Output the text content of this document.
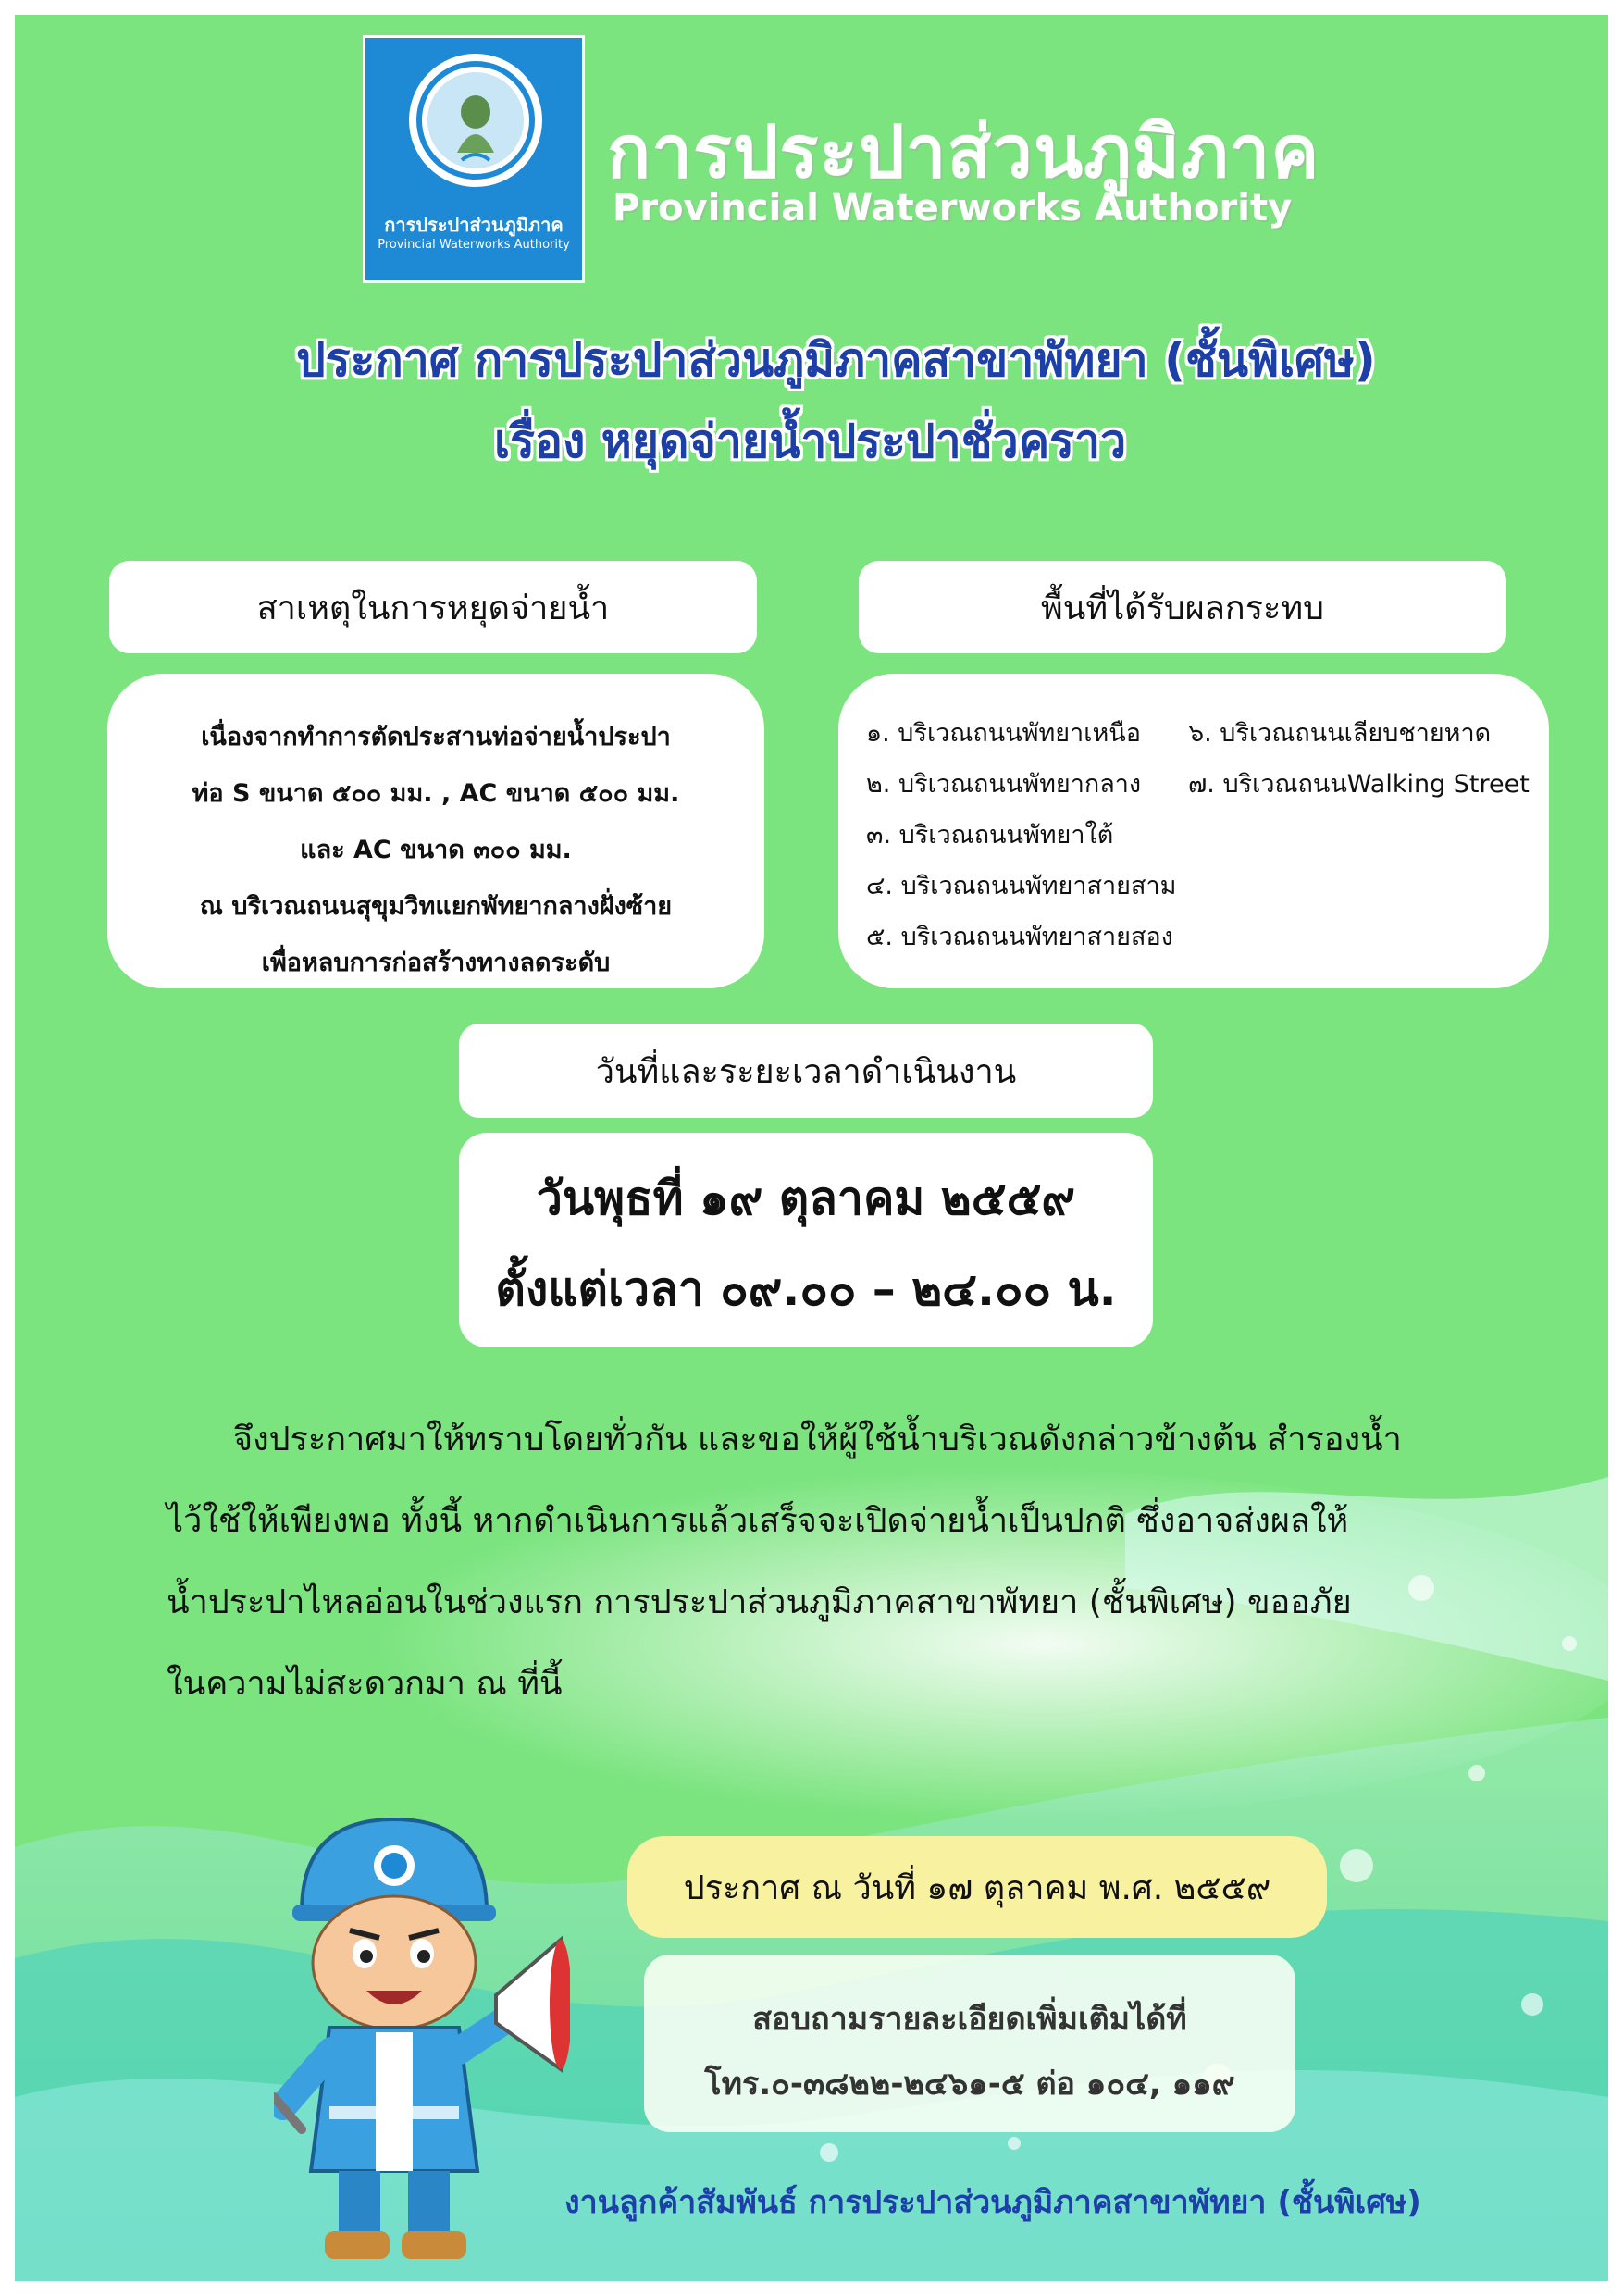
การประปาส่วนภูมิภาค
Provincial Waterworks Authority
การประปาส่วนภูมิภาค
Provincial Waterworks Authority
ประกาศ การประปาส่วนภูมิภาคสาขาพัทยา (ชั้นพิเศษ)
เรื่อง หยุดจ่ายน้ำประปาชั่วคราว
สาเหตุในการหยุดจ่ายน้ำ
เนื่องจากทำการตัดประสานท่อจ่ายน้ำประปา
ท่อ S ขนาด ๕๐๐ มม. , AC ขนาด ๕๐๐ มม.
และ AC ขนาด ๓๐๐ มม.
ณ บริเวณถนนสุขุมวิทแยกพัทยากลางฝั่งซ้าย
เพื่อหลบการก่อสร้างทางลดระดับ
พื้นที่ได้รับผลกระทบ
๑. บริเวณถนนพัทยาเหนือ
๒. บริเวณถนนพัทยากลาง
๓. บริเวณถนนพัทยาใต้
๔. บริเวณถนนพัทยาสายสาม
๕. บริเวณถนนพัทยาสายสอง
๖. บริเวณถนนเลียบชายหาด
๗. บริเวณถนนWalking Street
วันที่และระยะเวลาดำเนินงาน
วันพุธที่ ๑๙ ตุลาคม ๒๕๕๙
ตั้งแต่เวลา ๐๙.๐๐ – ๒๔.๐๐ น.
จึงประกาศมาให้ทราบโดยทั่วกัน และขอให้ผู้ใช้น้ำบริเวณดังกล่าวข้างต้น สำรองน้ำ
ไว้ใช้ให้เพียงพอ ทั้งนี้ หากดำเนินการแล้วเสร็จจะเปิดจ่ายน้ำเป็นปกติ ซึ่งอาจส่งผลให้
น้ำประปาไหลอ่อนในช่วงแรก การประปาส่วนภูมิภาคสาขาพัทยา (ชั้นพิเศษ) ขออภัย
ในความไม่สะดวกมา ณ ที่นี้
ประกาศ ณ วันที่ ๑๗ ตุลาคม พ.ศ. ๒๕๕๙
สอบถามรายละเอียดเพิ่มเติมได้ที่
โทร.๐-๓๘๒๒-๒๔๖๑-๕ ต่อ ๑๐๔, ๑๑๙
งานลูกค้าสัมพันธ์ การประปาส่วนภูมิภาคสาขาพัทยา (ชั้นพิเศษ)
